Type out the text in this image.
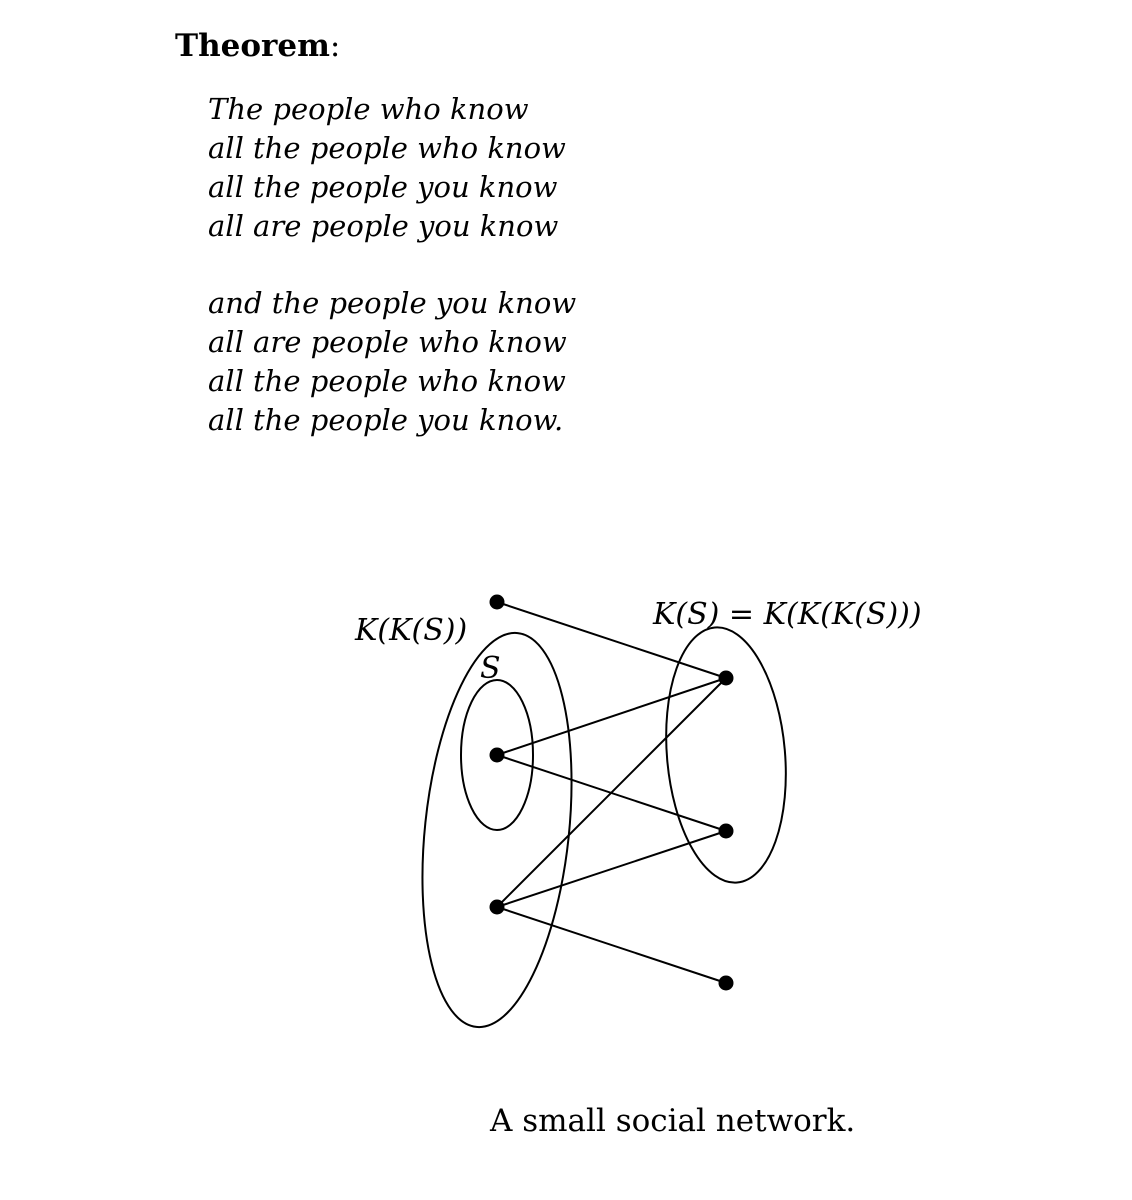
Theorem:

The people who know
all the people who know
all the people you know
all are people you know
and the people you know
all are people who know
all the people who know
all the people you know.
K(K(S))
S
K(S) = K(K(K(S)))

A small social network.
